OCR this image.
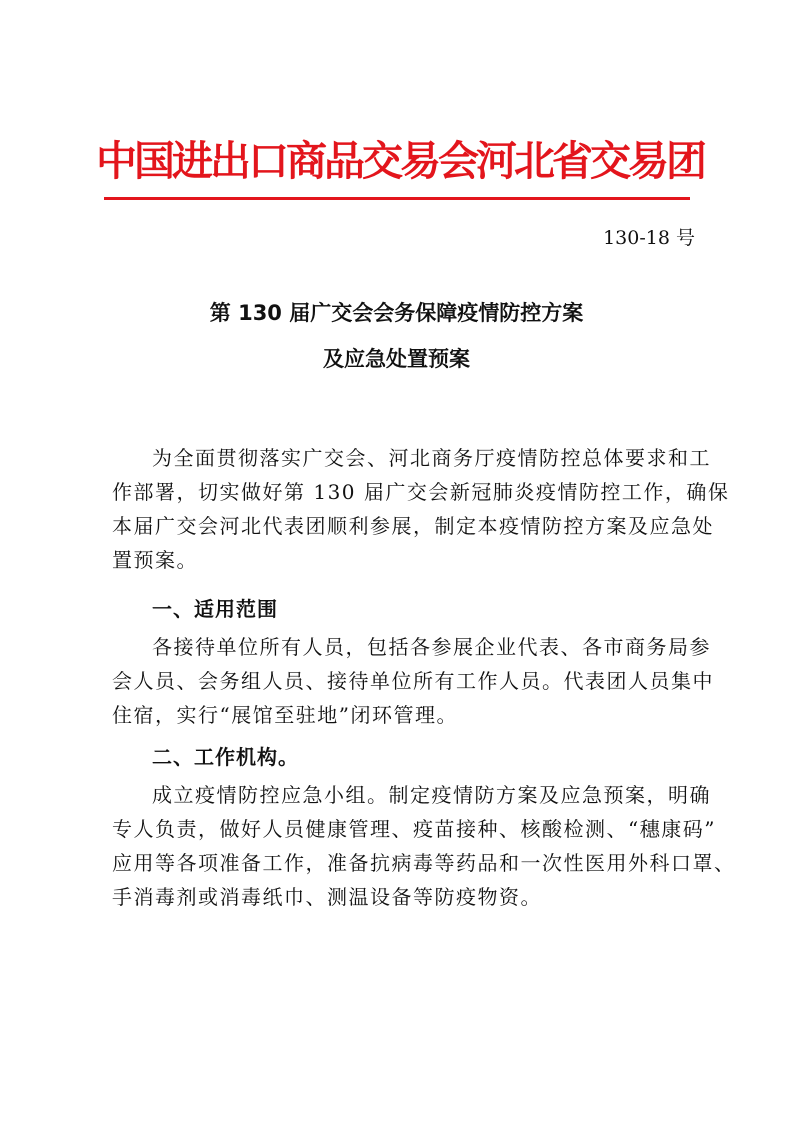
中国进出口商品交易会河北省交易团
130-18 号
第 130 届广交会会务保障疫情防控方案
及应急处置预案
为全面贯彻落实广交会、河北商务厅疫情防控总体要求和工
作部署，切实做好第 130 届广交会新冠肺炎疫情防控工作，确保
本届广交会河北代表团顺利参展，制定本疫情防控方案及应急处
置预案。
一、适用范围
各接待单位所有人员，包括各参展企业代表、各市商务局参
会人员、会务组人员、接待单位所有工作人员。代表团人员集中
住宿，实行“展馆至驻地”闭环管理。
二、工作机构。
成立疫情防控应急小组。制定疫情防方案及应急预案，明确
专人负责，做好人员健康管理、疫苗接种、核酸检测、“穗康码”
应用等各项准备工作，准备抗病毒等药品和一次性医用外科口罩、
手消毒剂或消毒纸巾、测温设备等防疫物资。
